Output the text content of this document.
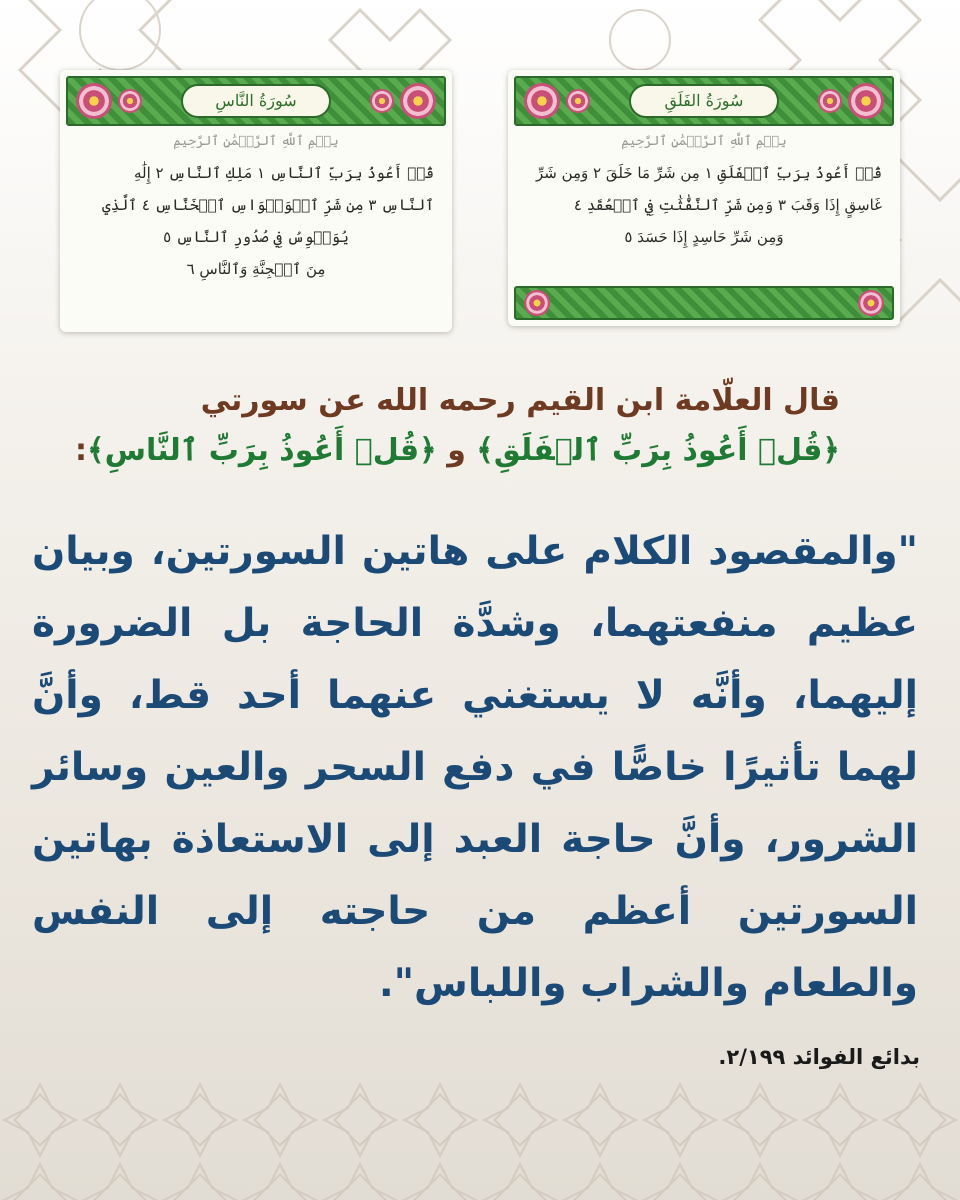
سُورَةُ الفَلَقِ
بِسۡمِ ٱللَّهِ ٱلرَّحۡمَٰنِ ٱلرَّحِيمِ
قُلۡ أَعُوذُ بِرَبِّ ٱلۡفَلَقِ ١ مِن شَرِّ مَا خَلَقَ ٢ وَمِن شَرِّ
غَاسِقٍ إِذَا وَقَبَ ٣ وَمِن شَرِّ ٱلنَّفَّٰثَٰتِ فِي ٱلۡعُقَدِ ٤
وَمِن شَرِّ حَاسِدٍ إِذَا حَسَدَ ٥
سُورَةُ النَّاسِ
بِسۡمِ ٱللَّهِ ٱلرَّحۡمَٰنِ ٱلرَّحِيمِ
قُلۡ أَعُوذُ بِرَبِّ ٱلنَّاسِ ١ مَلِكِ ٱلنَّاسِ ٢ إِلَٰهِ
ٱلنَّاسِ ٣ مِن شَرِّ ٱلۡوَسۡوَاسِ ٱلۡخَنَّاسِ ٤ ٱلَّذِي
يُوَسۡوِسُ فِي صُدُورِ ٱلنَّاسِ ٥
مِنَ ٱلۡجِنَّةِ وَٱلنَّاسِ ٦
قال العلّامة ابن القيم رحمه الله عن سورتي
﴿قُلۡ أَعُوذُ بِرَبِّ ٱلۡفَلَقِ﴾ و ﴿قُلۡ أَعُوذُ بِرَبِّ ٱلنَّاسِ﴾:
"والمقصود الكلام على هاتين السورتين، وبيان عظيم منفعتهما، وشدَّة الحاجة بل الضرورة إليهما، وأنَّه لا يستغني عنهما أحد قط، وأنَّ لهما تأثيرًا خاصًّا في دفع السحر والعين وسائر الشرور، وأنَّ حاجة العبد إلى الاستعاذة بهاتين السورتين أعظم من حاجته إلى النفس والطعام والشراب واللباس".
بدائع الفوائد ٢/١٩٩.
